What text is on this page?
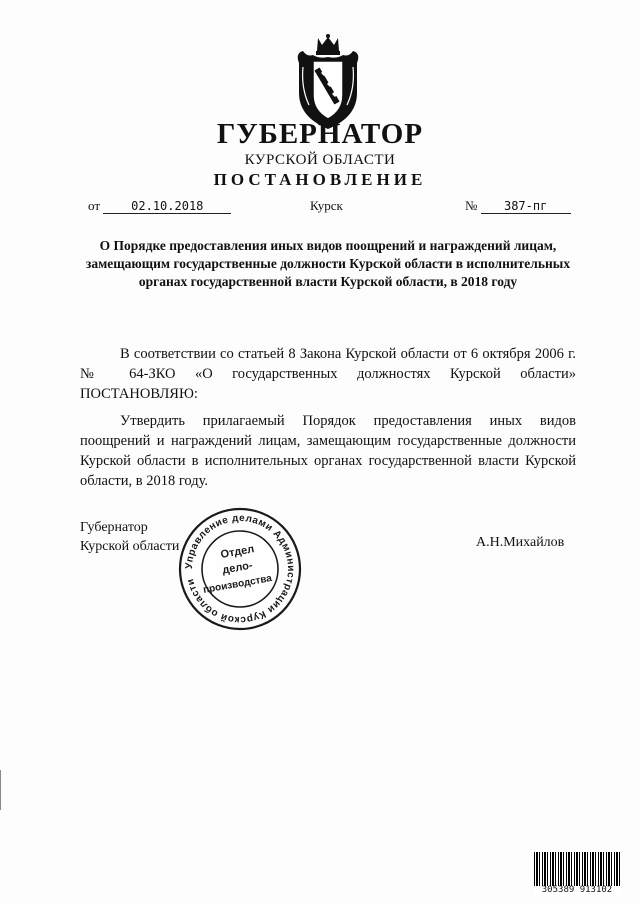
ГУБЕРНАТОР
КУРСКОЙ ОБЛАСТИ
ПОСТАНОВЛЕНИЕ
от	02.10.2018	Курск	№ 387-пг

О Порядке предоставления иных видов поощрений и награждений лицам, замещающим государственные должности Курской области в исполнительных органах государственной власти Курской области, в 2018 году

В соответствии со статьей 8 Закона Курской области от 6 октября 2006 г. № 64-ЗКО «О государственных должностях Курской области» ПОСТАНОВЛЯЮ:

Утвердить прилагаемый Порядок предоставления иных видов поощрений и награждений лицам, замещающим государственные должности Курской области в исполнительных органах государственной власти Курской области, в 2018 году.

Губернатор
Курской области	А.Н.Михайлов
Управление делами Администрации Курской области
Отдел
дело-
производства
305389 913102
